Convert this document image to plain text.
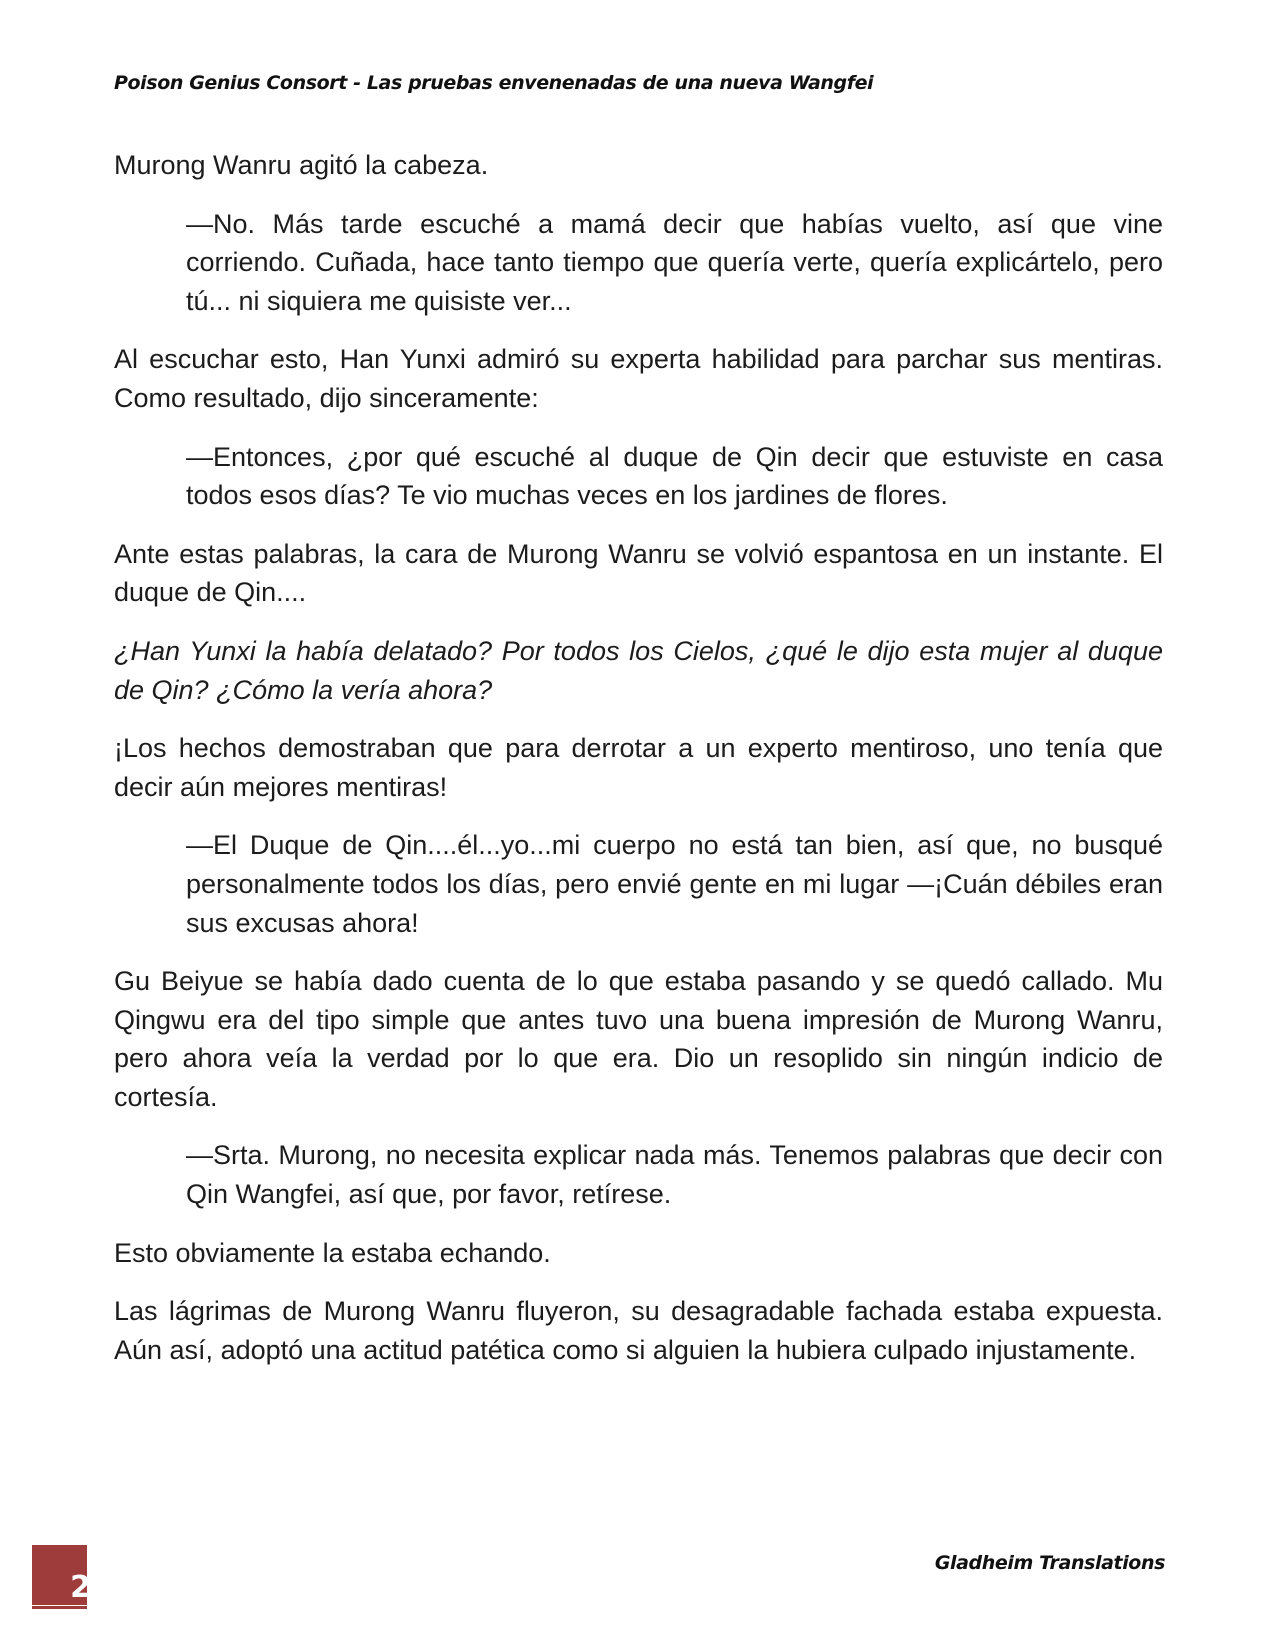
Poison Genius Consort - Las pruebas envenenadas de una nueva Wangfei

Murong Wanru agitó la cabeza.

—No. Más tarde escuché a mamá decir que habías vuelto, así que vine corriendo. Cuñada, hace tanto tiempo que quería verte, quería explicártelo, pero tú... ni siquiera me quisiste ver...

Al escuchar esto, Han Yunxi admiró su experta habilidad para parchar sus mentiras. Como resultado, dijo sinceramente:

—Entonces, ¿por qué escuché al duque de Qin decir que estuviste en casa todos esos días? Te vio muchas veces en los jardines de flores.

Ante estas palabras, la cara de Murong Wanru se volvió espantosa en un instante. El duque de Qin....

¿Han Yunxi la había delatado? Por todos los Cielos, ¿qué le dijo esta mujer al duque de Qin? ¿Cómo la vería ahora?

¡Los hechos demostraban que para derrotar a un experto mentiroso, uno tenía que decir aún mejores mentiras!

—El Duque de Qin....él...yo...mi cuerpo no está tan bien, así que, no busqué personalmente todos los días, pero envié gente en mi lugar —¡Cuán débiles eran sus excusas ahora!

Gu Beiyue se había dado cuenta de lo que estaba pasando y se quedó callado. Mu Qingwu era del tipo simple que antes tuvo una buena impresión de Murong Wanru, pero ahora veía la verdad por lo que era. Dio un resoplido sin ningún indicio de cortesía.

—Srta. Murong, no necesita explicar nada más. Tenemos palabras que decir con Qin Wangfei, así que, por favor, retírese.

Esto obviamente la estaba echando.

Las lágrimas de Murong Wanru fluyeron, su desagradable fachada estaba expuesta. Aún así, adoptó una actitud patética como si alguien la hubiera culpado injustamente.

2
Gladheim Translations
